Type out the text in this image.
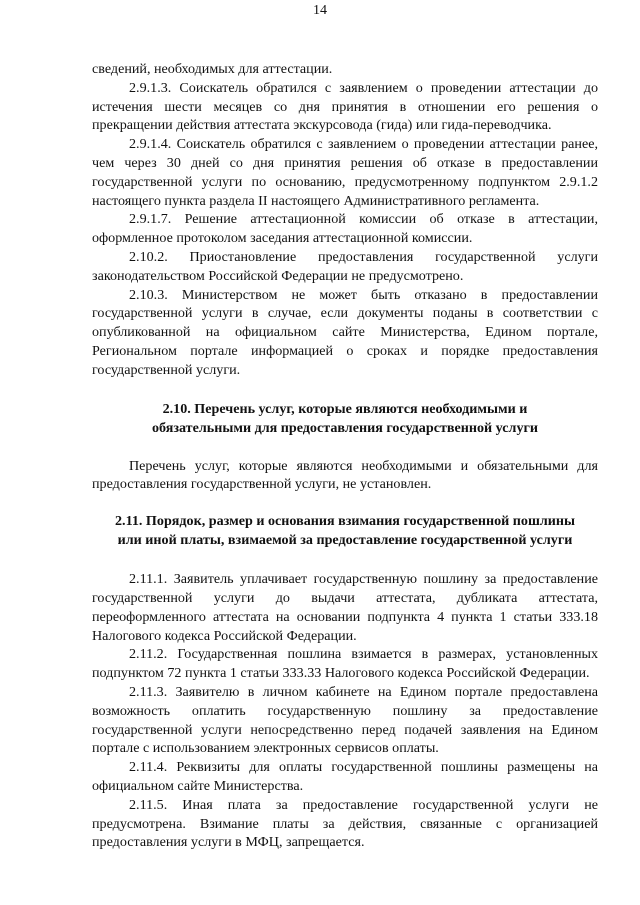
14

сведений, необходимых для аттестации.

2.9.1.3. Соискатель обратился с заявлением о проведении аттестации до истечения шести месяцев со дня принятия в отношении его решения о прекращении действия аттестата экскурсовода (гида) или гида-переводчика.

2.9.1.4. Соискатель обратился с заявлением о проведении аттестации ранее, чем через 30 дней со дня принятия решения об отказе в предоставлении государственной услуги по основанию, предусмотренному подпунктом 2.9.1.2 настоящего пункта раздела II настоящего Административного регламента.

2.9.1.7. Решение аттестационной комиссии об отказе в аттестации, оформленное протоколом заседания аттестационной комиссии.

2.10.2. Приостановление предоставления государственной услуги законодательством Российской Федерации не предусмотрено.

2.10.3. Министерством не может быть отказано в предоставлении государственной услуги в случае, если документы поданы в соответствии с опубликованной на официальном сайте Министерства, Едином портале, Региональном портале информацией о сроках и порядке предоставления государственной услуги.

2.10. Перечень услуг, которые являются необходимыми и
обязательными для предоставления государственной услуги

Перечень услуг, которые являются необходимыми и обязательными для предоставления государственной услуги, не установлен.

2.11. Порядок, размер и основания взимания государственной пошлины
или иной платы, взимаемой за предоставление государственной услуги

2.11.1. Заявитель уплачивает государственную пошлину за предоставление государственной услуги до выдачи аттестата, дубликата аттестата, переоформленного аттестата на основании подпункта 4 пункта 1 статьи 333.18 Налогового кодекса Российской Федерации.

2.11.2. Государственная пошлина взимается в размерах, установленных подпунктом 72 пункта 1 статьи 333.33 Налогового кодекса Российской Федерации.

2.11.3. Заявителю в личном кабинете на Едином портале предоставлена возможность оплатить государственную пошлину за предоставление государственной услуги непосредственно перед подачей заявления на Едином портале с использованием электронных сервисов оплаты.

2.11.4. Реквизиты для оплаты государственной пошлины размещены на официальном сайте Министерства.

2.11.5. Иная плата за предоставление государственной услуги не предусмотрена. Взимание платы за действия, связанные с организацией предоставления услуги в МФЦ, запрещается.
